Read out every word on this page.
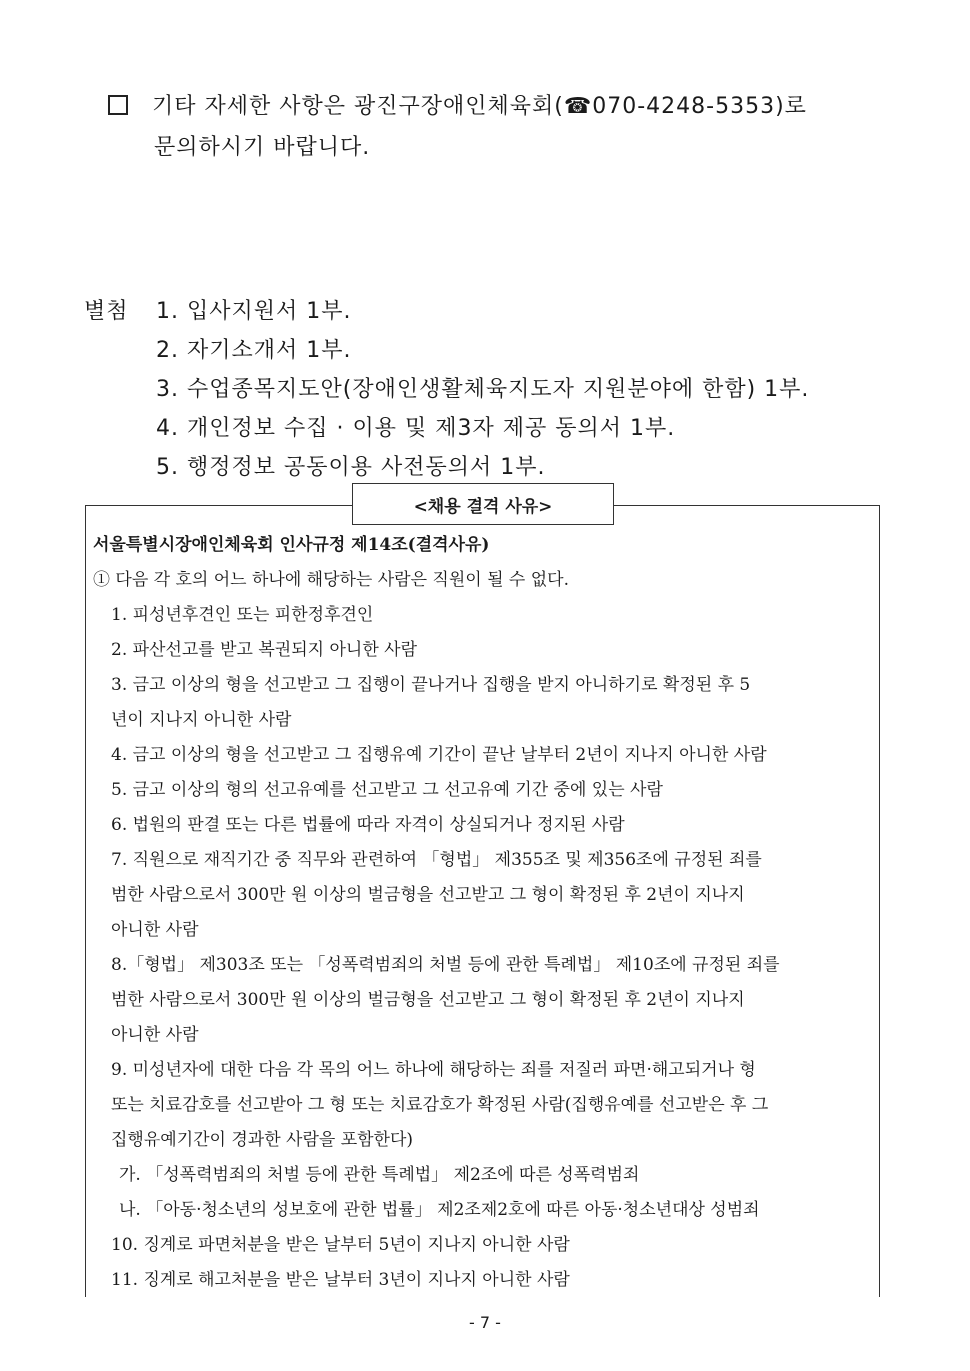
기타 자세한 사항은 광진구장애인체육회(☎070-4248-5353)로
문의하시기 바랍니다.
별첨	1. 입사지원서 1부.
2. 자기소개서 1부.
3. 수업종목지도안(장애인생활체육지도자 지원분야에 한함) 1부.
4. 개인정보 수집 · 이용 및 제3자 제공 동의서 1부.
5. 행정정보 공동이용 사전동의서 1부.
<채용 결격 사유>
서울특별시장애인체육회 인사규정 제14조(결격사유)
① 다음 각 호의 어느 하나에 해당하는 사람은 직원이 될 수 없다.
1. 피성년후견인 또는 피한정후견인
2. 파산선고를 받고 복권되지 아니한 사람
3. 금고 이상의 형을 선고받고 그 집행이 끝나거나 집행을 받지 아니하기로 확정된 후 5
년이 지나지 아니한 사람
4. 금고 이상의 형을 선고받고 그 집행유예 기간이 끝난 날부터 2년이 지나지 아니한 사람
5. 금고 이상의 형의 선고유예를 선고받고 그 선고유예 기간 중에 있는 사람
6. 법원의 판결 또는 다른 법률에 따라 자격이 상실되거나 정지된 사람
7. 직원으로 재직기간 중 직무와 관련하여 「형법」 제355조 및 제356조에 규정된 죄를
범한 사람으로서 300만 원 이상의 벌금형을 선고받고 그 형이 확정된 후 2년이 지나지
아니한 사람
8.「형법」 제303조 또는 「성폭력범죄의 처벌 등에 관한 특례법」 제10조에 규정된 죄를
범한 사람으로서 300만 원 이상의 벌금형을 선고받고 그 형이 확정된 후 2년이 지나지
아니한 사람
9. 미성년자에 대한 다음 각 목의 어느 하나에 해당하는 죄를 저질러 파면·해고되거나 형
또는 치료감호를 선고받아 그 형 또는 치료감호가 확정된 사람(집행유예를 선고받은 후 그
집행유예기간이 경과한 사람을 포함한다)
가. 「성폭력범죄의 처벌 등에 관한 특례법」 제2조에 따른 성폭력범죄
나. 「아동·청소년의 성보호에 관한 법률」 제2조제2호에 따른 아동·청소년대상 성범죄
10. 징계로 파면처분을 받은 날부터 5년이 지나지 아니한 사람
11. 징계로 해고처분을 받은 날부터 3년이 지나지 아니한 사람
- 7 -
